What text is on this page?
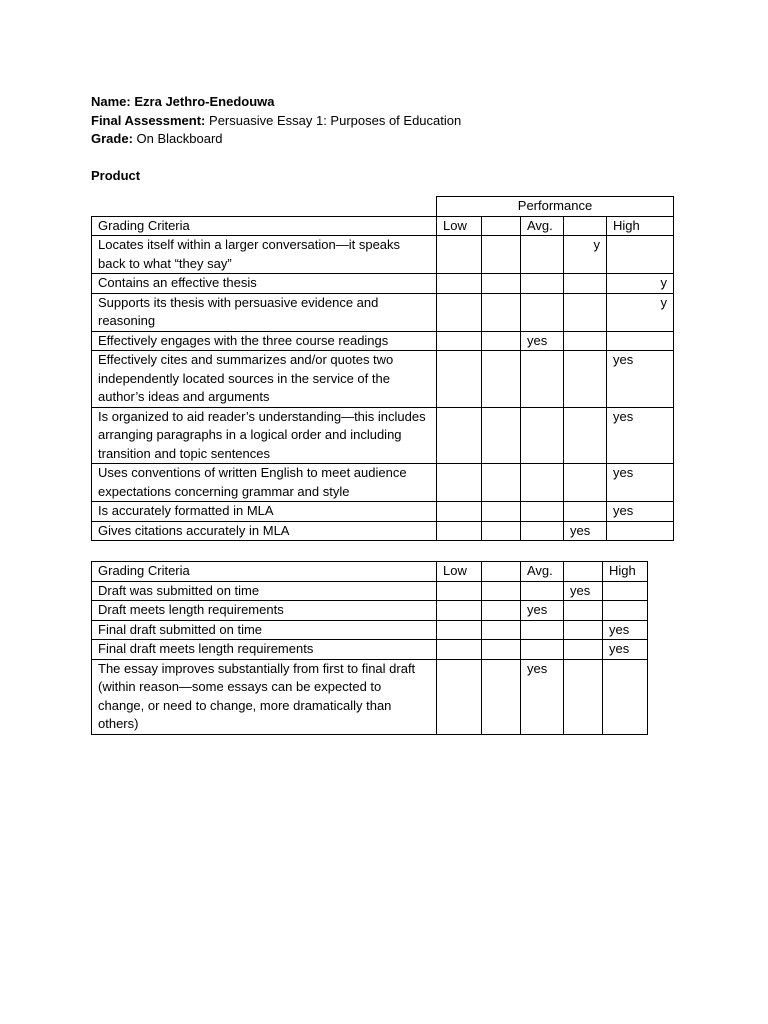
Name: Ezra Jethro-Enedouwa

Final Assessment: Persuasive Essay 1: Purposes of Education

Grade: On Blackboard

Product
	Performance				
Grading Criteria	Low		Avg.		High
Locates itself within a larger conversation—it speaks back to what “they say”				y	
Contains an effective thesis					y
Supports its thesis with persuasive evidence and reasoning					y
Effectively engages with the three course readings			yes		
Effectively cites and summarizes and/or quotes two independently located sources in the service of the author’s ideas and arguments					yes
Is organized to aid reader’s understanding—this includes arranging paragraphs in a logical order and including transition and topic sentences					yes
Uses conventions of written English to meet audience expectations concerning grammar and style					yes
Is accurately formatted in MLA					yes
Gives citations accurately in MLA				yes	
Grading Criteria	Low		Avg.		High
Draft was submitted on time				yes	
Draft meets length requirements			yes		
Final draft submitted on time					yes
Final draft meets length requirements					yes
The essay improves substantially from first to final draft (within reason—some essays can be expected to change, or need to change, more dramatically than others)			yes		
